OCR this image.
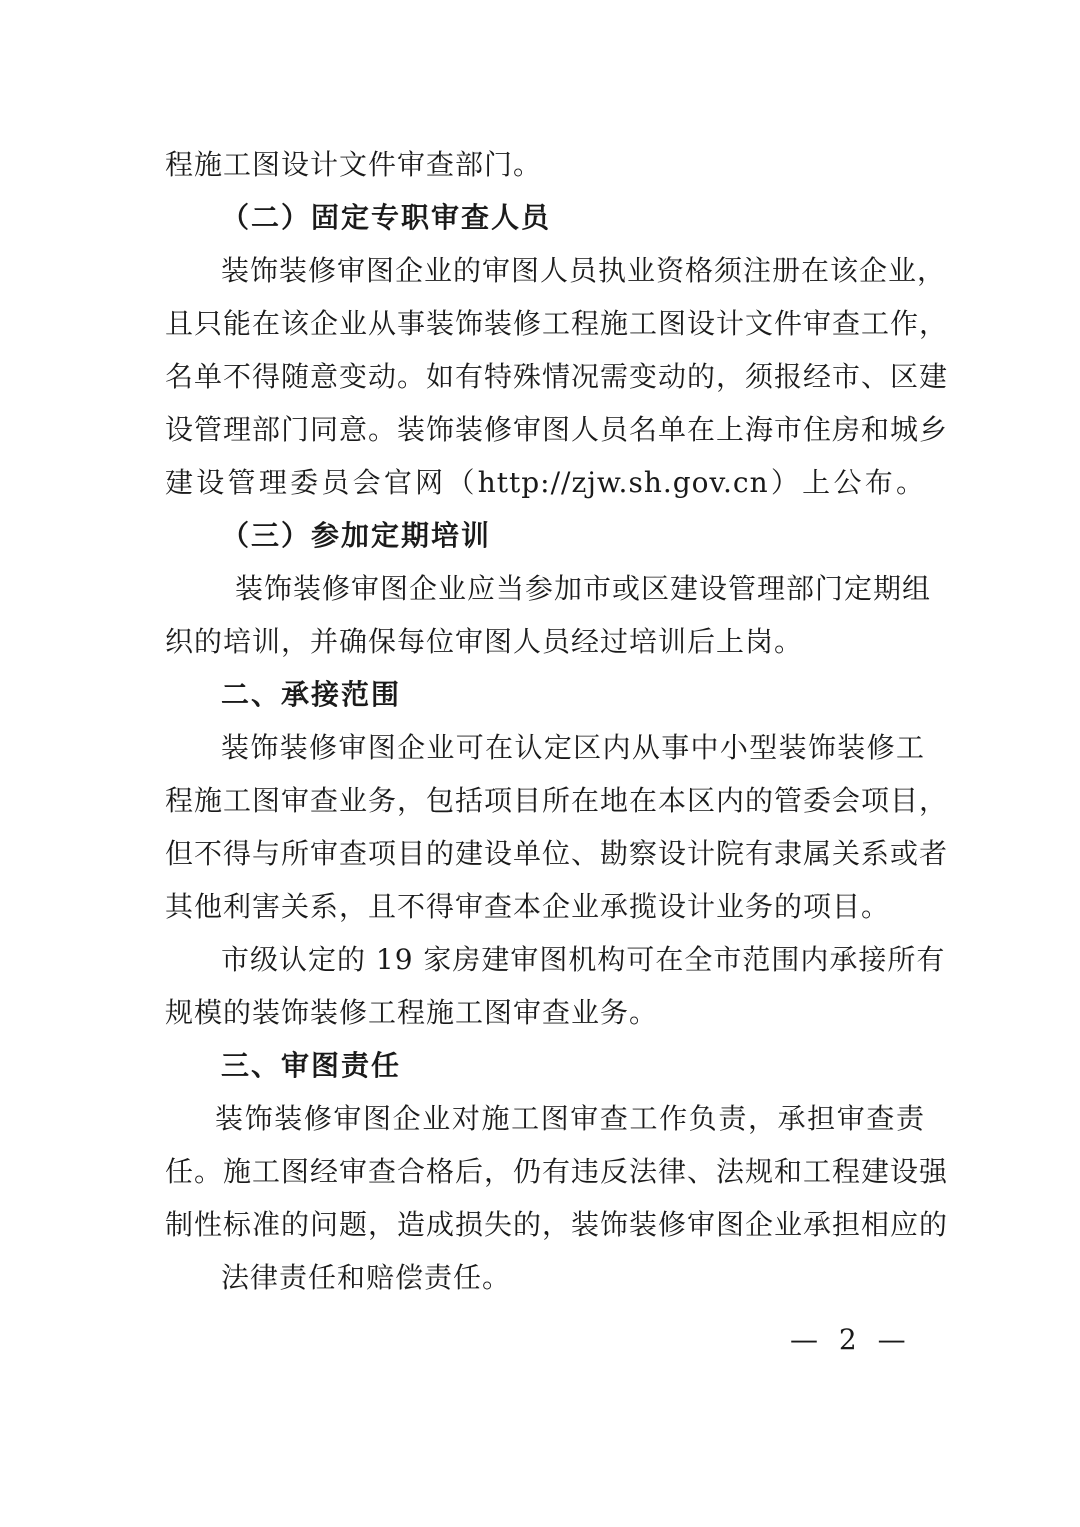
程施工图设计文件审查部门。
（二）固定专职审查人员
装饰装修审图企业的审图人员执业资格须注册在该企业，
且只能在该企业从事装饰装修工程施工图设计文件审查工作，
名单不得随意变动。如有特殊情况需变动的，须报经市、区建
设管理部门同意。装饰装修审图人员名单在上海市住房和城乡
建设管理委员会官网（http://zjw.sh.gov.cn）上公布。
（三）参加定期培训
装饰装修审图企业应当参加市或区建设管理部门定期组
织的培训，并确保每位审图人员经过培训后上岗。
二、承接范围
装饰装修审图企业可在认定区内从事中小型装饰装修工
程施工图审查业务，包括项目所在地在本区内的管委会项目，
但不得与所审查项目的建设单位、勘察设计院有隶属关系或者
其他利害关系，且不得审查本企业承揽设计业务的项目。
市级认定的 19 家房建审图机构可在全市范围内承接所有
规模的装饰装修工程施工图审查业务。
三、审图责任
装饰装修审图企业对施工图审查工作负责，承担审查责
任。施工图经审查合格后，仍有违反法律、法规和工程建设强
制性标准的问题，造成损失的，装饰装修审图企业承担相应的
法律责任和赔偿责任。
— 2 —
